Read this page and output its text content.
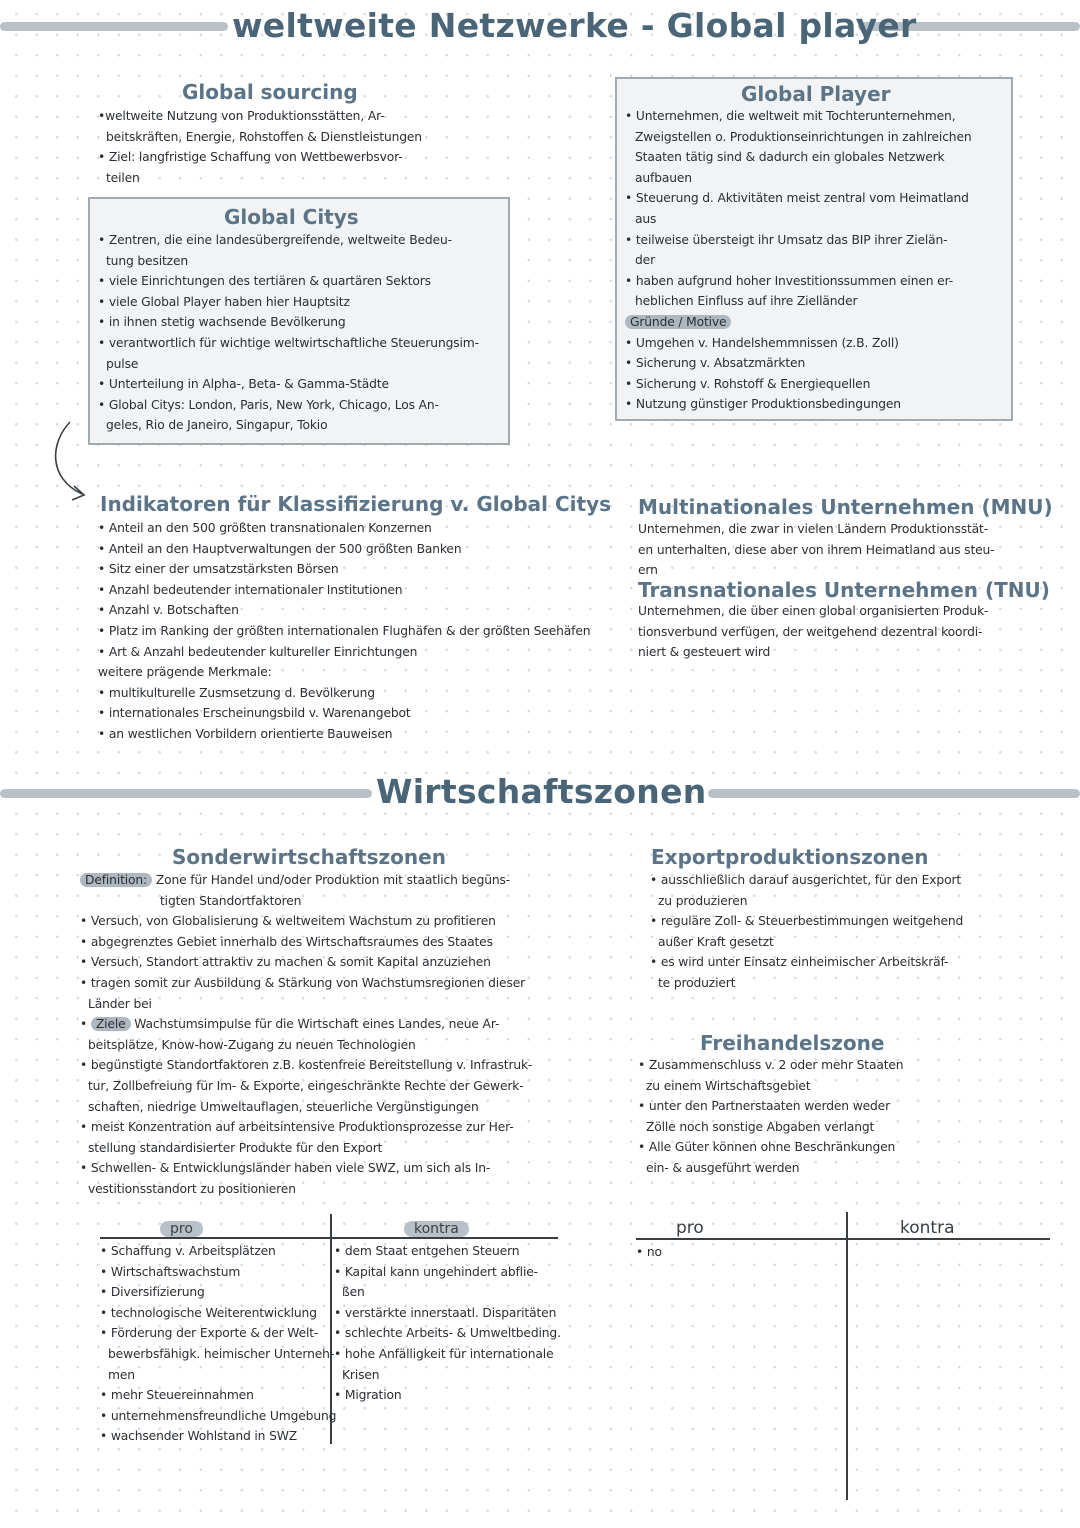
weltweite Netzwerke - Global player
Global sourcing
•weltweite Nutzung von Produktionsstätten, Ar-
beitskräften, Energie, Rohstoffen & Dienstleistungen
• Ziel: langfristige Schaffung von Wettbewerbsvor-
teilen
Global Citys
• Zentren, die eine landesübergreifende, weltweite Bedeu-
tung besitzen
• viele Einrichtungen des tertiären & quartären Sektors
• viele Global Player haben hier Hauptsitz
• in ihnen stetig wachsende Bevölkerung
• verantwortlich für wichtige weltwirtschaftliche Steuerungsim-
pulse
• Unterteilung in Alpha-, Beta- & Gamma-Städte
• Global Citys: London, Paris, New York, Chicago, Los An-
geles, Rio de Janeiro, Singapur, Tokio
Global Player
• Unternehmen, die weltweit mit Tochterunternehmen,
Zweigstellen o. Produktionseinrichtungen in zahlreichen
Staaten tätig sind & dadurch ein globales Netzwerk
aufbauen
• Steuerung d. Aktivitäten meist zentral vom Heimatland
aus
• teilweise übersteigt ihr Umsatz das BIP ihrer Zielän-
der
• haben aufgrund hoher Investitionssummen einen er-
heblichen Einfluss auf ihre Zielländer
Gründe / Motive
• Umgehen v. Handelshemmnissen (z.B. Zoll)
• Sicherung v. Absatzmärkten
• Sicherung v. Rohstoff & Energiequellen
• Nutzung günstiger Produktionsbedingungen
Indikatoren für Klassifizierung v. Global Citys
• Anteil an den 500 größten transnationalen Konzernen
• Anteil an den Hauptverwaltungen der 500 größten Banken
• Sitz einer der umsatzstärksten Börsen
• Anzahl bedeutender internationaler Institutionen
• Anzahl v. Botschaften
• Platz im Ranking der größten internationalen Flughäfen & der größten Seehäfen
• Art & Anzahl bedeutender kultureller Einrichtungen
weitere prägende Merkmale:
• multikulturelle Zusmsetzung d. Bevölkerung
• internationales Erscheinungsbild v. Warenangebot
• an westlichen Vorbildern orientierte Bauweisen
Multinationales Unternehmen (MNU)
Unternehmen, die zwar in vielen Ländern Produktionsstät-
en unterhalten, diese aber von ihrem Heimatland aus steu-
ern
Transnationales Unternehmen (TNU)
Unternehmen, die über einen global organisierten Produk-
tionsverbund verfügen, der weitgehend dezentral koordi-
niert & gesteuert wird
Wirtschaftszonen
Sonderwirtschaftszonen
Definition: Zone für Handel und/oder Produktion mit staatlich begüns-
tigten Standortfaktoren
• Versuch, von Globalisierung & weltweitem Wachstum zu profitieren
• abgegrenztes Gebiet innerhalb des Wirtschaftsraumes des Staates
• Versuch, Standort attraktiv zu machen & somit Kapital anzuziehen
• tragen somit zur Ausbildung & Stärkung von Wachstumsregionen dieser
Länder bei
• Ziele Wachstumsimpulse für die Wirtschaft eines Landes, neue Ar-
beitsplätze, Know-how-Zugang zu neuen Technologien
• begünstigte Standortfaktoren z.B. kostenfreie Bereitstellung v. Infrastruk-
tur, Zollbefreiung für Im- & Exporte, eingeschränkte Rechte der Gewerk-
schaften, niedrige Umweltauflagen, steuerliche Vergünstigungen
• meist Konzentration auf arbeitsintensive Produktionsprozesse zur Her-
stellung standardisierter Produkte für den Export
• Schwellen- & Entwicklungsländer haben viele SWZ, um sich als In-
vestitionsstandort zu positionieren
pro	kontra
• Schaffung v. Arbeitsplätzen
• Wirtschaftswachstum
• Diversifizierung
• technologische Weiterentwicklung
• Förderung der Exporte & der Welt-
bewerbsfähigk. heimischer Unterneh-
men
• mehr Steuereinnahmen
• unternehmensfreundliche Umgebung
• wachsender Wohlstand in SWZ
• dem Staat entgehen Steuern
• Kapital kann ungehindert abflie-
ßen
• verstärkte innerstaatl. Disparitäten
• schlechte Arbeits- & Umweltbeding.
• hohe Anfälligkeit für internationale
Krisen
• Migration
Exportproduktionszonen
• ausschließlich darauf ausgerichtet, für den Export
zu produzieren
• reguläre Zoll- & Steuerbestimmungen weitgehend
außer Kraft gesetzt
• es wird unter Einsatz einheimischer Arbeitskräf-
te produziert
Freihandelszone
• Zusammenschluss v. 2 oder mehr Staaten
zu einem Wirtschaftsgebiet
• unter den Partnerstaaten werden weder
Zölle noch sonstige Abgaben verlangt
• Alle Güter können ohne Beschränkungen
ein- & ausgeführt werden
pro	kontra
• no
